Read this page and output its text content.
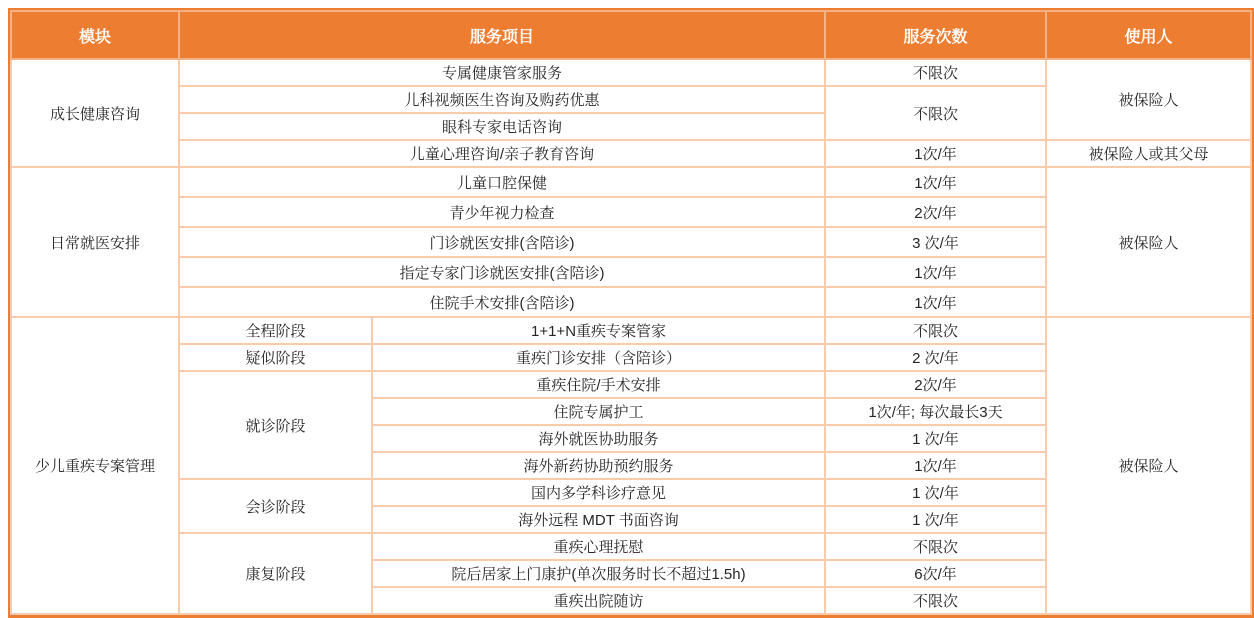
模块	服务项目		服务次数	使用人
成长健康咨询	专属健康管家服务		不限次	被保险人
	儿科视频医生咨询及购药优惠		不限次	
	眼科专家电话咨询			
	儿童心理咨询/亲子教育咨询		1次/年	被保险人或其父母
日常就医安排	儿童口腔保健		1次/年	被保险人
	青少年视力检查		2次/年	
	门诊就医安排(含陪诊)		3 次/年	
	指定专家门诊就医安排(含陪诊)		1次/年	
	住院手术安排(含陪诊)		1次/年	
少儿重疾专案管理	全程阶段	1+1+N重疾专案管家	不限次	被保险人
	疑似阶段	重疾门诊安排（含陪诊）	2 次/年	
	就诊阶段	重疾住院/手术安排	2次/年	
		住院专属护工	1次/年; 每次最长3天	
		海外就医协助服务	1 次/年	
		海外新药协助预约服务	1次/年	
	会诊阶段	国内多学科诊疗意见	1 次/年	
		海外远程 MDT 书面咨询	1 次/年	
	康复阶段	重疾心理抚慰	不限次	
		院后居家上门康护(单次服务时长不超过1.5h)	6次/年	
		重疾出院随访	不限次	
